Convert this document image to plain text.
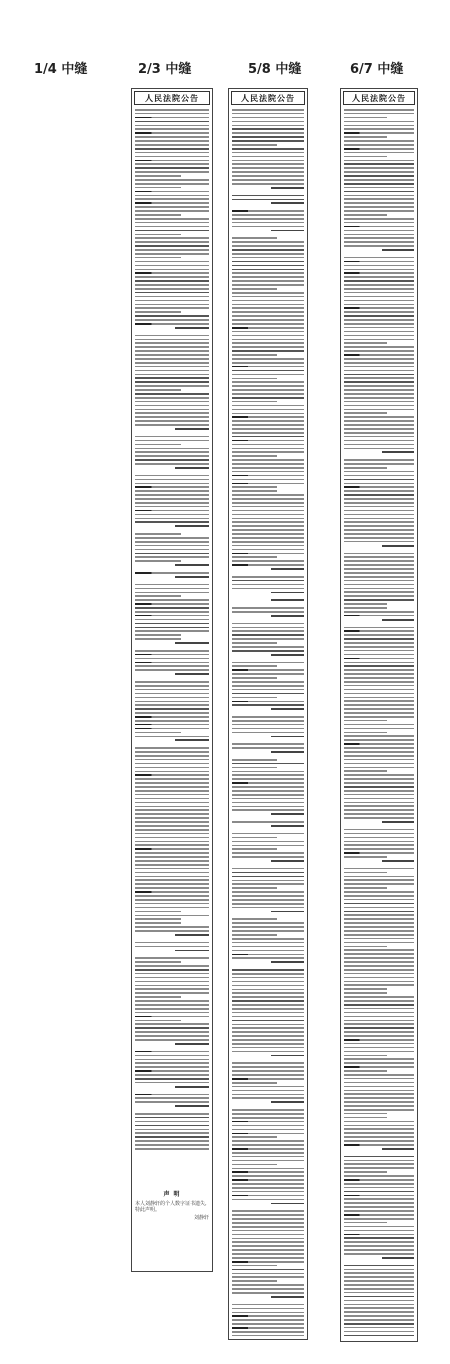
1/4 中缝	2/3 中缝	5/8 中缝	6/7 中缝
人民法院公告
声 明
本人刘静轩的个人数字证书遗失,特此声明。
刘静轩
人民法院公告	人民法院公告
